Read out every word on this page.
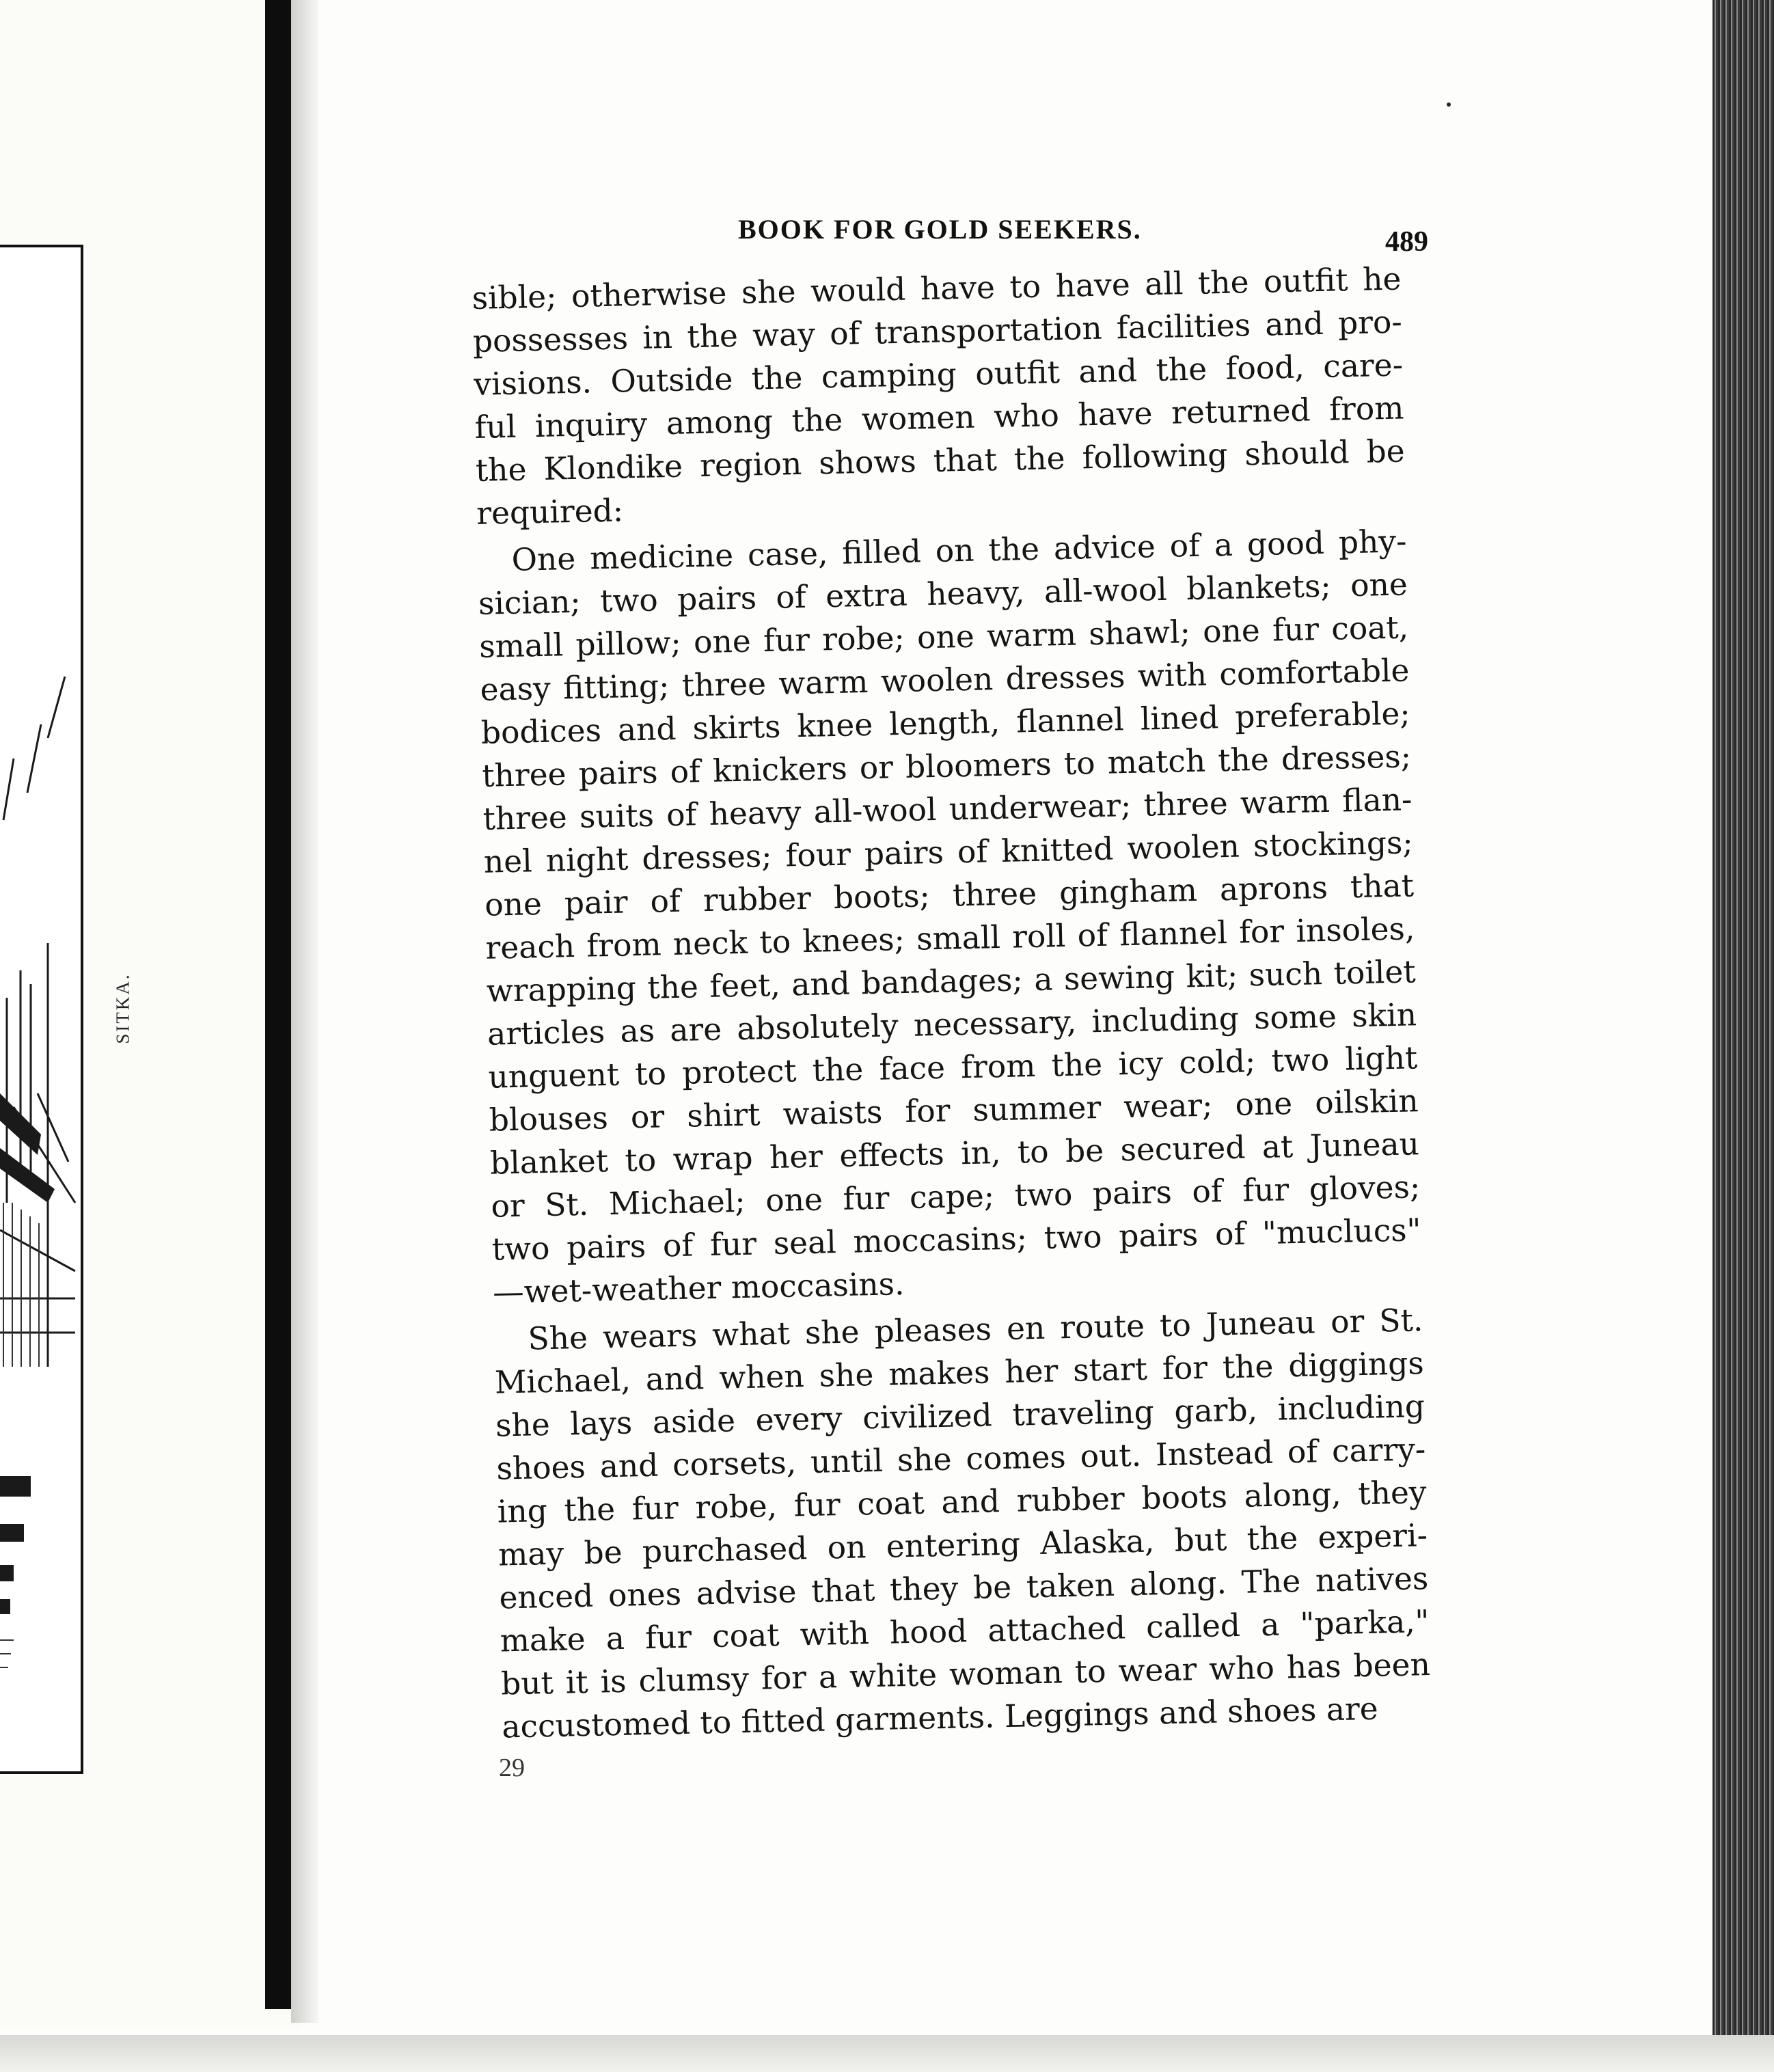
SITKA.
BOOK FOR GOLD SEEKERS.	489
sible; otherwise she would have to have all the outfit he
possesses in the way of transportation facilities and pro-
visions. Outside the camping outfit and the food, care-
ful inquiry among the women who have returned from
the Klondike region shows that the following should be
required:
One medicine case, filled on the advice of a good phy-
sician; two pairs of extra heavy, all-wool blankets; one
small pillow; one fur robe; one warm shawl; one fur coat,
easy fitting; three warm woolen dresses with comfortable
bodices and skirts knee length, flannel lined preferable;
three pairs of knickers or bloomers to match the dresses;
three suits of heavy all-wool underwear; three warm flan-
nel night dresses; four pairs of knitted woolen stockings;
one pair of rubber boots; three gingham aprons that
reach from neck to knees; small roll of flannel for insoles,
wrapping the feet, and bandages; a sewing kit; such toilet
articles as are absolutely necessary, including some skin
unguent to protect the face from the icy cold; two light
blouses or shirt waists for summer wear; one oilskin
blanket to wrap her effects in, to be secured at Juneau
or St. Michael; one fur cape; two pairs of fur gloves;
two pairs of fur seal moccasins; two pairs of "muclucs"
—wet-weather moccasins.
She wears what she pleases en route to Juneau or St.
Michael, and when she makes her start for the diggings
she lays aside every civilized traveling garb, including
shoes and corsets, until she comes out. Instead of carry-
ing the fur robe, fur coat and rubber boots along, they
may be purchased on entering Alaska, but the experi-
enced ones advise that they be taken along. The natives
make a fur coat with hood attached called a "parka,"
but it is clumsy for a white woman to wear who has been
accustomed to fitted garments. Leggings and shoes are
29
